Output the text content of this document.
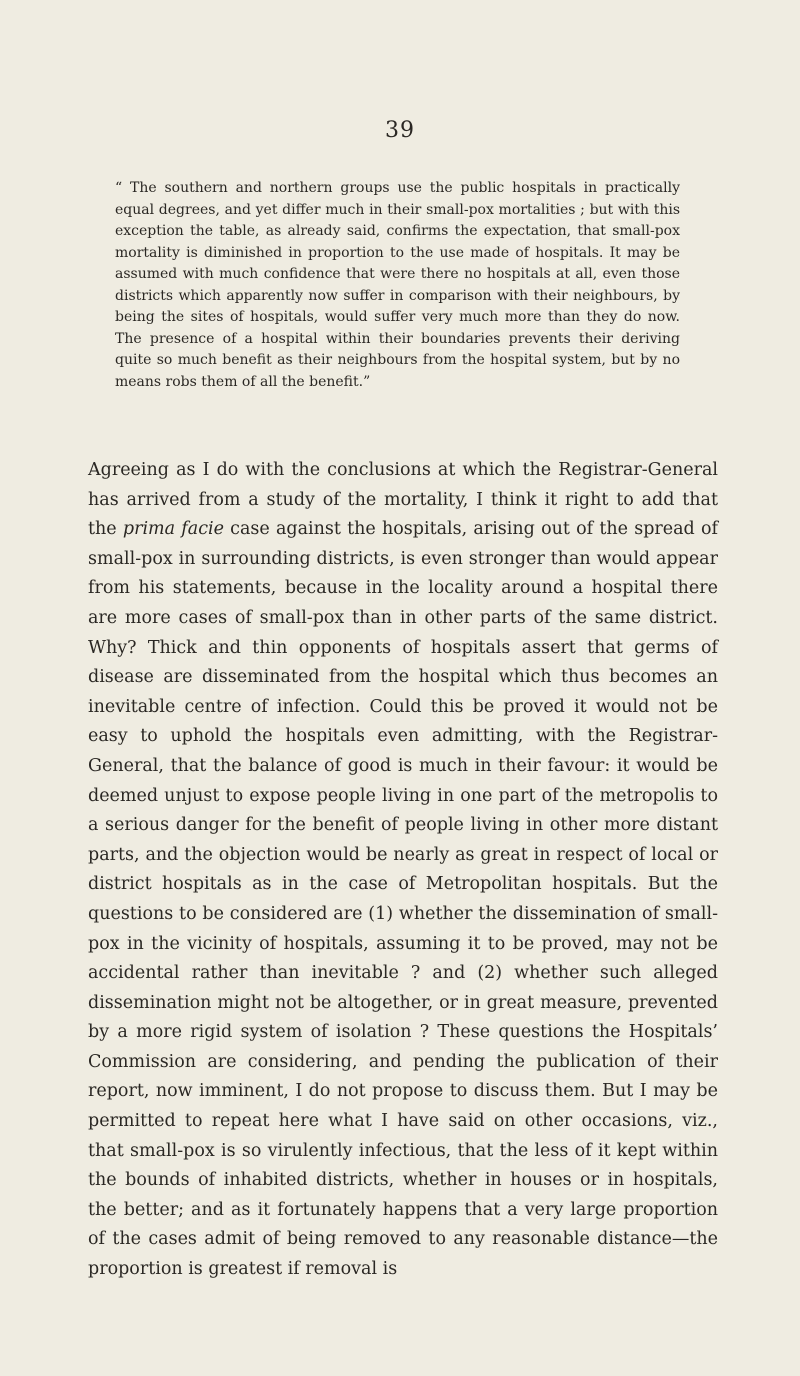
39

“ The southern and northern groups use the public hospitals in practically equal degrees, and yet differ much in their small-pox mortalities ; but with this exception the table, as already said, confirms the expectation, that small-pox mortality is diminished in proportion to the use made of hospitals. It may be assumed with much confidence that were there no hospitals at all, even those districts which apparently now suffer in comparison with their neighbours, by being the sites of hospitals, would suffer very much more than they do now. The presence of a hospital within their boundaries prevents their deriving quite so much benefit as their neighbours from the hospital system, but by no means robs them of all the benefit.”

Agreeing as I do with the conclusions at which the Registrar-General has arrived from a study of the mortality, I think it right to add that the prima facie case against the hospitals, arising out of the spread of small-pox in surrounding districts, is even stronger than would appear from his statements, because in the locality around a hospital there are more cases of small-pox than in other parts of the same district. Why? Thick and thin opponents of hospitals assert that germs of disease are disseminated from the hospital which thus becomes an inevitable centre of infection. Could this be proved it would not be easy to uphold the hospitals even admitting, with the Registrar-General, that the balance of good is much in their favour: it would be deemed unjust to expose people living in one part of the metropolis to a serious danger for the benefit of people living in other more distant parts, and the objection would be nearly as great in respect of local or district hospitals as in the case of Metropolitan hospitals. But the questions to be considered are (1) whether the dissemination of small-pox in the vicinity of hospitals, assuming it to be proved, may not be accidental rather than inevitable ? and (2) whether such alleged dissemination might not be altogether, or in great measure, prevented by a more rigid system of isolation ? These questions the Hospitals’ Commission are considering, and pending the publication of their report, now imminent, I do not propose to discuss them. But I may be permitted to repeat here what I have said on other occasions, viz., that small-pox is so virulently infectious, that the less of it kept within the bounds of inhabited districts, whether in houses or in hospitals, the better; and as it fortunately happens that a very large proportion of the cases admit of being removed to any reasonable distance—the proportion is greatest if removal is
